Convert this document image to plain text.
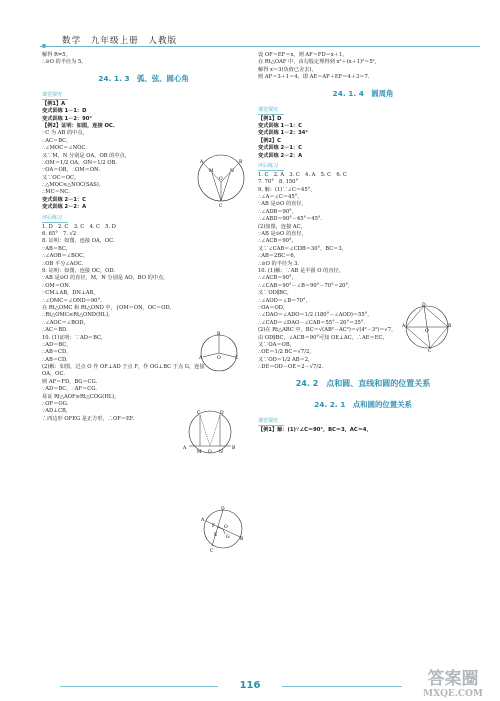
数学　九年级上册　人教版
解得 R=5。
∴⊙O 的半径为 5。
24. 1. 3　弧、弦、圆心角
课堂探究
【例1】A
变式训练 1－1：D
变式训练 1－2：90°
【例2】证明：如图，连接 OC.
∵C 为 AB 的中点，
∴AC＝BC，
∴∠MOC＝∠NOC.
又∵M，N 分别是 OA，OB 的中点，
∴OM＝1/2 OA，ON＝1/2 OB.
∵OA＝OB，∴OM＝ON.
又∵OC＝OC，
∴△MOC≌△NOC(SAS)，
∴MC＝NC.
变式训练 2－1：C
变式训练 2－2：A
评后练习
1. D　2. C　3. C　4. C　5. D
6. 65°　7. √2
8. 证明：如图，连接 OA，OC.
∵AB＝BC，
∴∠AOB＝∠BOC，
∴OB 平分∠AOC.
9. 证明：如图，连接 OC，OD.
∵AB 是⊙O 的直径，M，N 分别是 AO，BO 的中点，
∴OM＝ON.
∵CM⊥AB，DN⊥AB，
∴∠OMC＝∠OND＝90°.
在 Rt△OMC 和 Rt△OND 中，{OM＝ON，OC＝OD，
∴Rt△OMC≌Rt△OND(HL)，
∴∠AOC＝∠BOD，
∴AC＝BD.
10. (1)证明：∵AD＝BC，
∴AD＝BC，
∴AB＝CD，
∴AB＝CD.
(2)解：如图，过点 O 作 OF⊥AD 于点 F，作 OG⊥BC 于点 G，连接
OA，OC.
则 AF＝FD，BG＝CG.
∵AD＝BC，∴AF＝CG.
易证 Rt△AOF≌Rt△COG(HL)，
∴OF＝OG.
∵AD⊥CB，
∴四边形 OFEG 是正方形，∴OF＝EF.
设 OF＝EF＝x，则 AF＝FD＝x＋1，
在 Rt△OAF 中，由勾股定理得到 x²＋(x＋1)²＝5²，
解得 x＝3(负值已舍去)，
则 AF＝3＋1＝4，即 AE＝AF＋EF＝4＋3＝7.
24. 1. 4　圆周角
课堂探究
【例1】D
变式训练 1－1：C
变式训练 1－2：34°
【例2】C
变式训练 2－1：C
变式训练 2－2：A
评后练习
1. C　2. A　3. C　4. A　5. C　6. C
7. 70°　8. 150°
9. 解：(1)∵∠C＝45°，
∴∠A＝∠C＝45°，
∵AB 是⊙O 的直径，
∴∠ADB＝90°，
∴∠ABD＝90°－45°＝45°.
(2)如图，连接 AC，
∵AB 是⊙O 的直径，
∴∠ACB＝90°，
又∵∠CAB＝∠CDB＝30°，BC＝3，
∴AB＝2BC＝6，
∴⊙O 的半径为 3.
10. (1)解：∵AB 是半圆 O 的直径，
∴∠ACB＝90°，
∴∠CAB＝90°－∠B＝90°－70°＝20°，
又∵OD∥BC，
∴∠AOD＝∠B＝70°，
∵OA＝OD，
∴∠DAO＝∠ADO＝1/2 (180°－∠AOD)＝55°，
∴∠CAD＝∠DAO－∠CAB＝55°－20°＝35°.
(2)在 Rt△ABC 中，BC＝√(AB²－AC²)＝√(4²－3²)＝√7，
由 OD∥BC，∠ACB＝90°可知 OE⊥AC，∴AE＝EC，
又∵OA＝OB，
∴OE＝1/2 BC＝√7/2，
又∵OD＝1/2 AB＝2，
∴DE＝OD－OE＝2－√7/2.
24. 2　点和圆、直线和圆的位置关系
24. 2. 1　点和圆的位置关系
课堂探究
【例1】解：(1)∵∠C＝90°，BC＝3，AC＝4，
M
O
N
A
C
B
A
B
C
O
C	D
A
M O N
B
D
A
F O
E G B
C
A
D
O
B
C
116	答案圈
MXQE.COM
